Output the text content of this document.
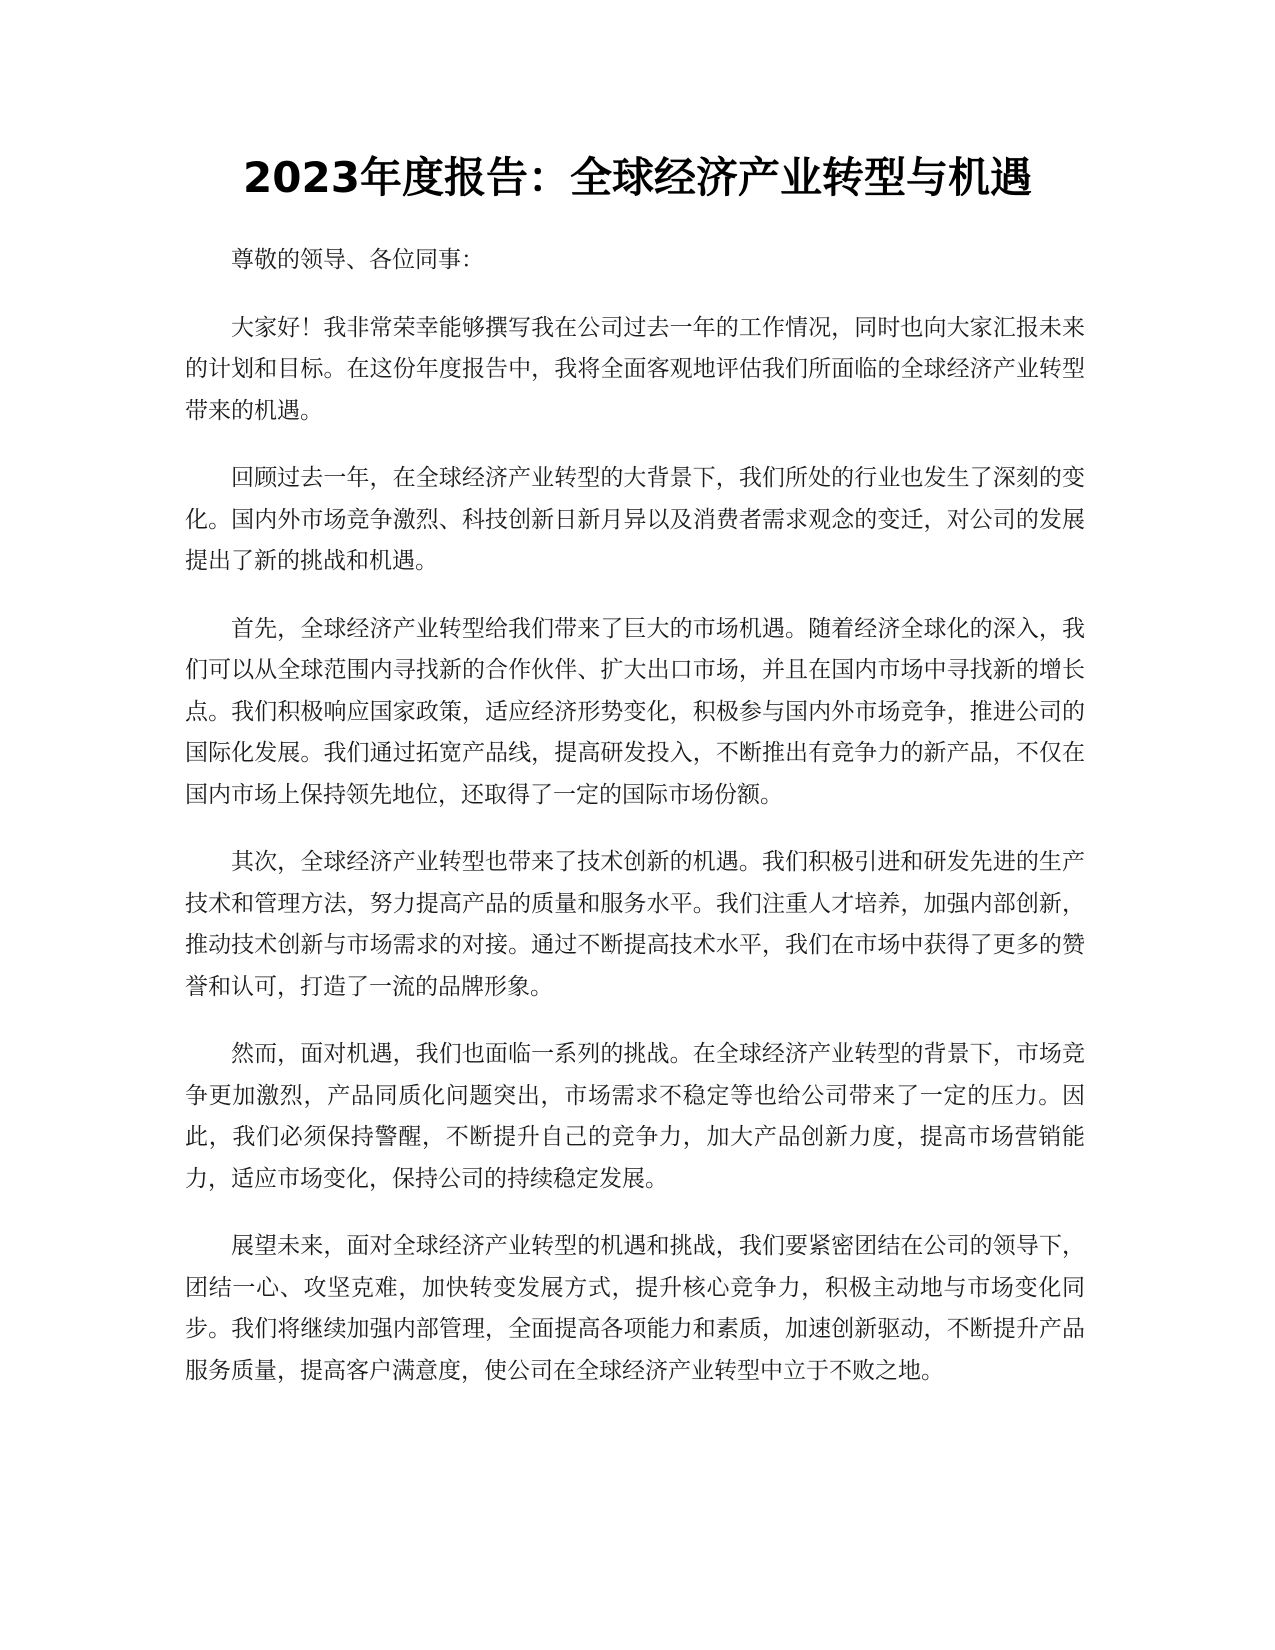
2023年度报告：全球经济产业转型与机遇

尊敬的领导、各位同事：

大家好！我非常荣幸能够撰写我在公司过去一年的工作情况，同时也向大家汇报未来的计划和目标。在这份年度报告中，我将全面客观地评估我们所面临的全球经济产业转型带来的机遇。

回顾过去一年，在全球经济产业转型的大背景下，我们所处的行业也发生了深刻的变化。国内外市场竞争激烈、科技创新日新月异以及消费者需求观念的变迁，对公司的发展提出了新的挑战和机遇。

首先，全球经济产业转型给我们带来了巨大的市场机遇。随着经济全球化的深入，我们可以从全球范围内寻找新的合作伙伴、扩大出口市场，并且在国内市场中寻找新的增长点。我们积极响应国家政策，适应经济形势变化，积极参与国内外市场竞争，推进公司的国际化发展。我们通过拓宽产品线，提高研发投入，不断推出有竞争力的新产品，不仅在国内市场上保持领先地位，还取得了一定的国际市场份额。

其次，全球经济产业转型也带来了技术创新的机遇。我们积极引进和研发先进的生产技术和管理方法，努力提高产品的质量和服务水平。我们注重人才培养，加强内部创新，推动技术创新与市场需求的对接。通过不断提高技术水平，我们在市场中获得了更多的赞誉和认可，打造了一流的品牌形象。

然而，面对机遇，我们也面临一系列的挑战。在全球经济产业转型的背景下，市场竞争更加激烈，产品同质化问题突出，市场需求不稳定等也给公司带来了一定的压力。因此，我们必须保持警醒，不断提升自己的竞争力，加大产品创新力度，提高市场营销能力，适应市场变化，保持公司的持续稳定发展。

展望未来，面对全球经济产业转型的机遇和挑战，我们要紧密团结在公司的领导下，团结一心、攻坚克难，加快转变发展方式，提升核心竞争力，积极主动地与市场变化同步。我们将继续加强内部管理，全面提高各项能力和素质，加速创新驱动，不断提升产品服务质量，提高客户满意度，使公司在全球经济产业转型中立于不败之地。
